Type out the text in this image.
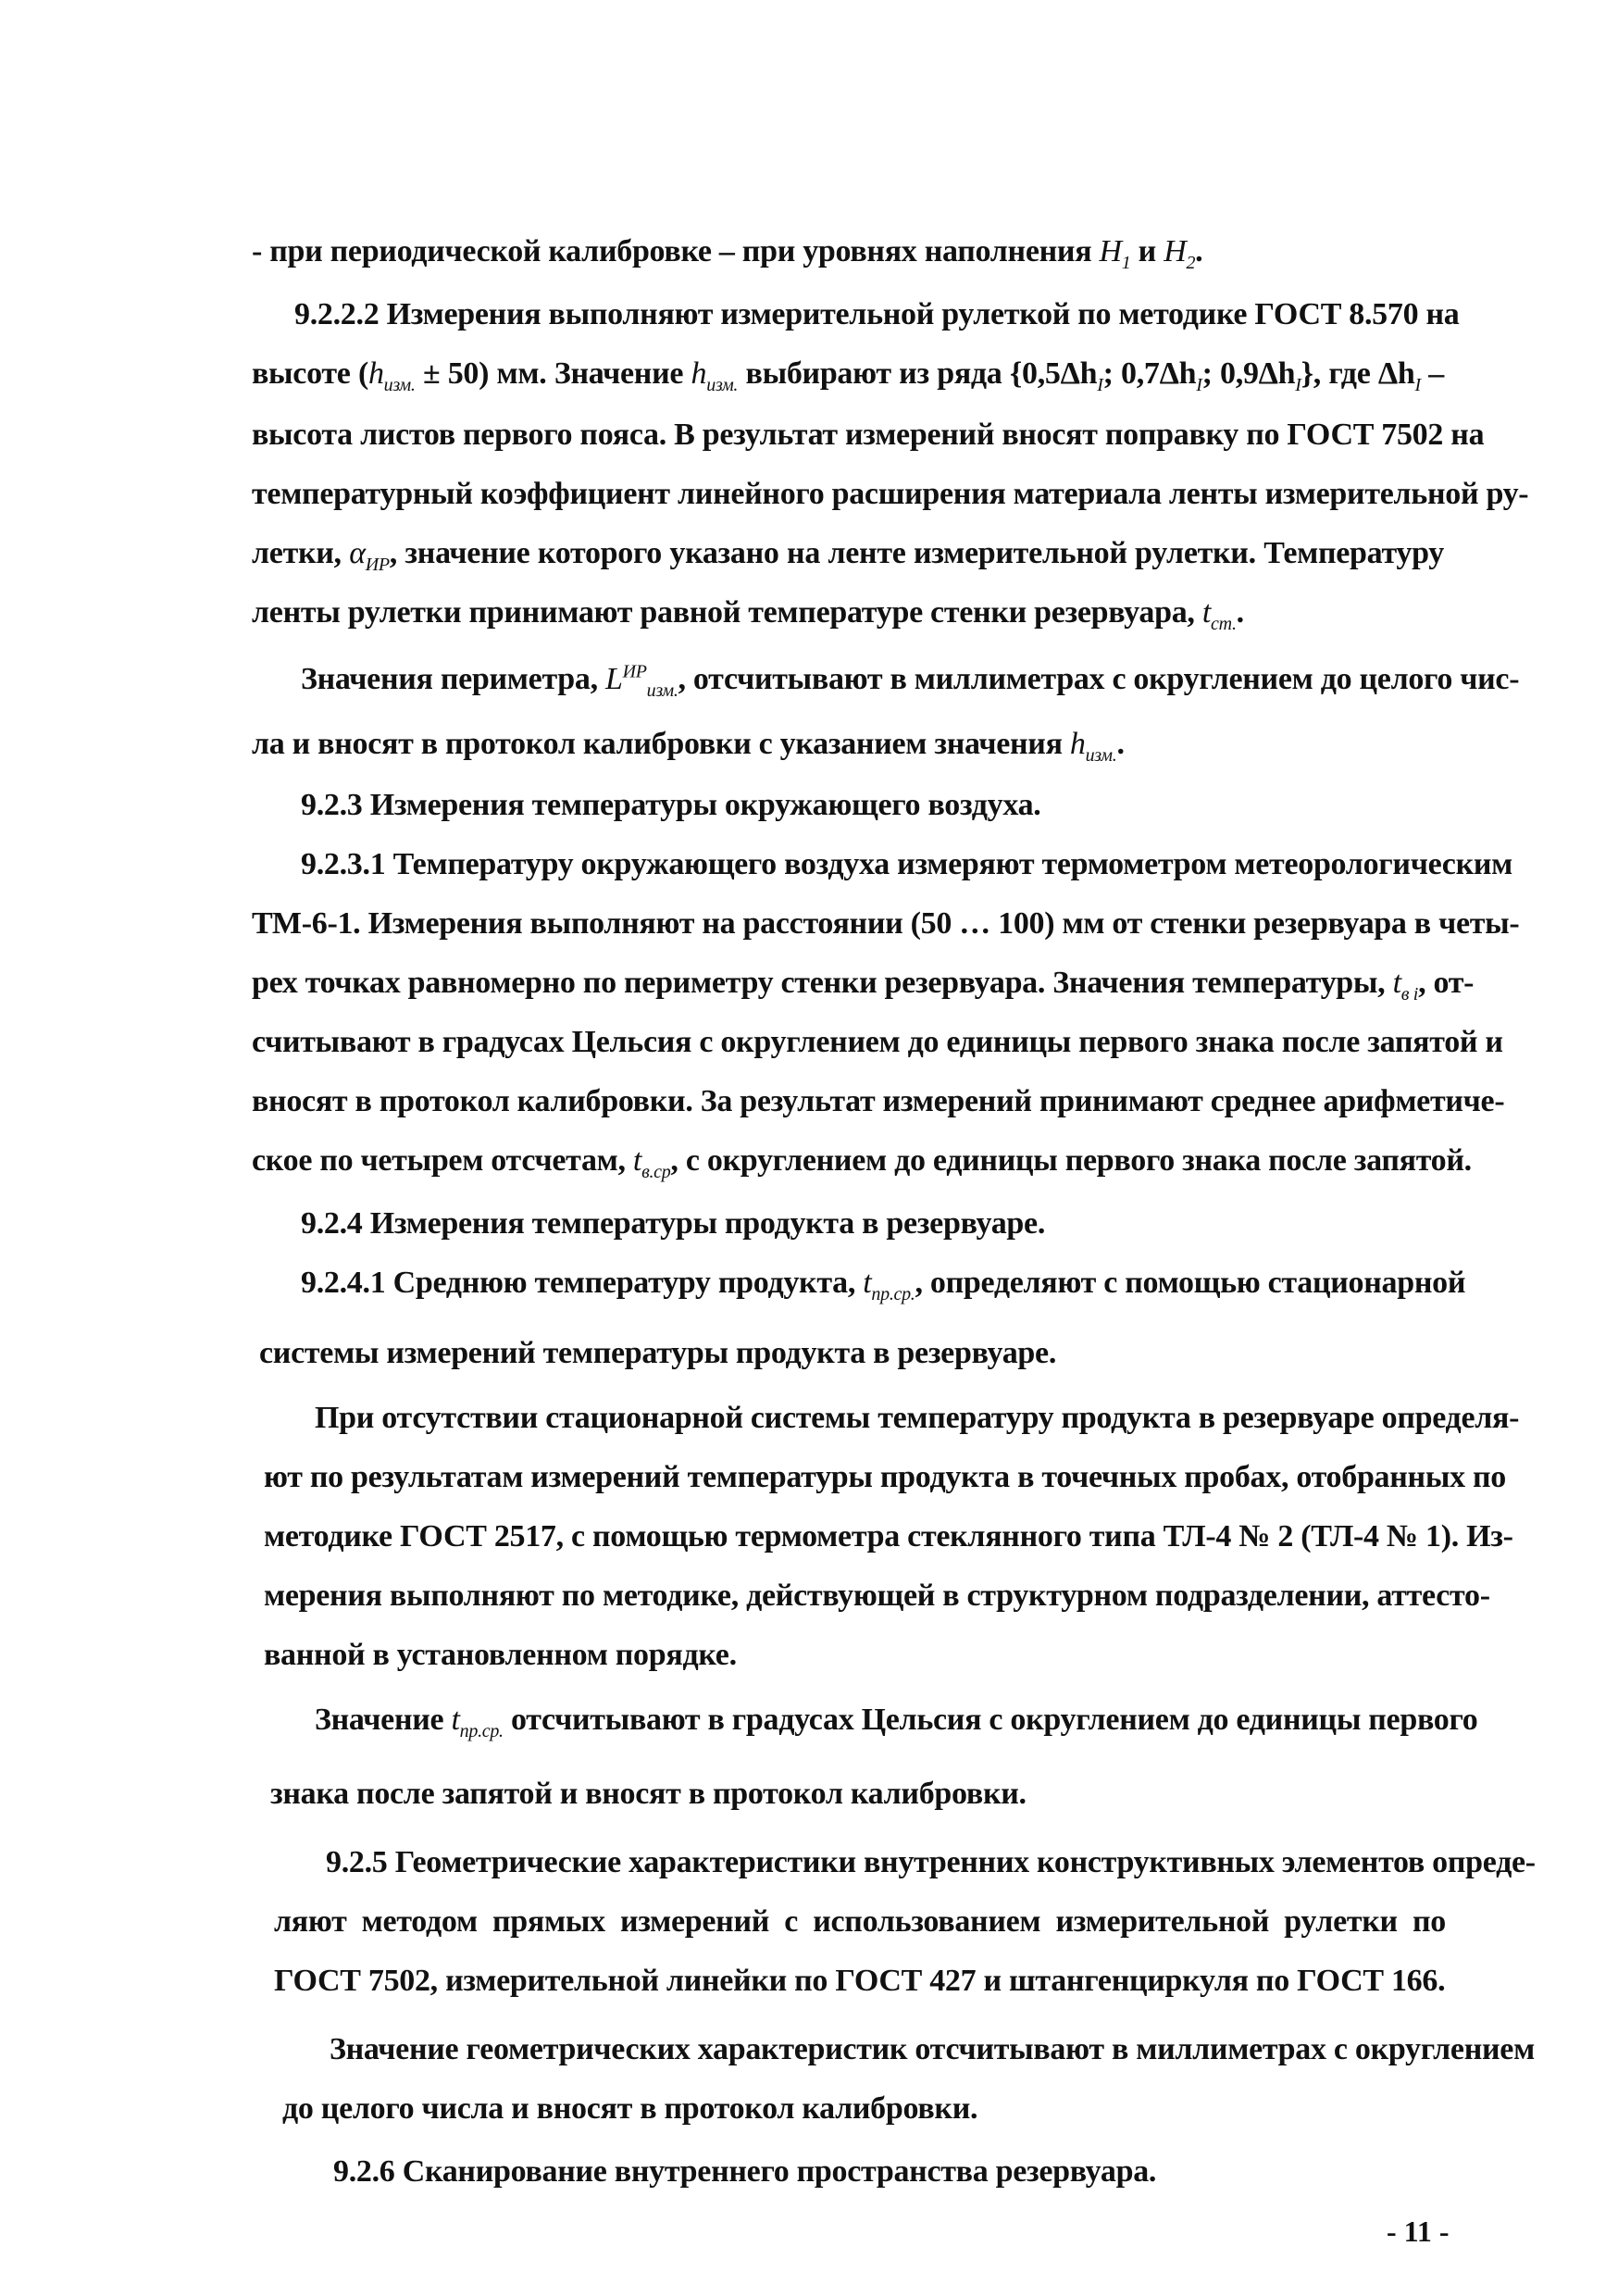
- при периодической калибровке – при уровнях наполнения $H_1$ и $H_2$.
9.2.2.2 Измерения выполняют измерительной рулеткой по методике ГОСТ 8.570 на
высоте $(h_{изм.} \pm 50)$ мм. Значение $h_{изм.}$ выбирают из ряда {$0,5\Delta h_I$; $0,7\Delta h_I$; $0,9\Delta h_I$}, где $\Delta h_I$ –
высота листов первого пояса. В результат измерений вносят поправку по ГОСТ 7502 на
температурный коэффициент линейного расширения материала ленты измерительной ру-
летки, $\alpha_{ИР}$, значение которого указано на ленте измерительной рулетки. Температуру
ленты рулетки принимают равной температуре стенки резервуара, $t_{ст.}$.
Значения периметра, $L^{ИР}_{изм.}$, отсчитывают в миллиметрах с округлением до целого чис-
ла и вносят в протокол калибровки с указанием значения $h_{изм.}$.
9.2.3 Измерения температуры окружающего воздуха.
9.2.3.1 Температуру окружающего воздуха измеряют термометром метеорологическим
ТМ-6-1. Измерения выполняют на расстоянии (50 … 100) мм от стенки резервуара в четы-
рех точках равномерно по периметру стенки резервуара. Значения температуры, $t_{в i}$, от-
считывают в градусах Цельсия с округлением до единицы первого знака после запятой и
вносят в протокол калибровки. За результат измерений принимают среднее арифметиче-
ское по четырем отсчетам, $t_{в.ср}$, с округлением до единицы первого знака после запятой.
9.2.4 Измерения температуры продукта в резервуаре.
9.2.4.1 Среднюю температуру продукта, $t_{пр.ср.}$, определяют с помощью стационарной
системы измерений температуры продукта в резервуаре.
При отсутствии стационарной системы температуру продукта в резервуаре определя-
ют по результатам измерений температуры продукта в точечных пробах, отобранных по
методике ГОСТ 2517, с помощью термометра стеклянного типа ТЛ-4 № 2 (ТЛ-4 № 1). Из-
мерения выполняют по методике, действующей в структурном подразделении, аттесто-
ванной в установленном порядке.
Значение $t_{пр.ср.}$ отсчитывают в градусах Цельсия с округлением до единицы первого
знака после запятой и вносят в протокол калибровки.
9.2.5 Геометрические характеристики внутренних конструктивных элементов опреде-
ляют методом прямых измерений с использованием измерительной рулетки по
ГОСТ 7502, измерительной линейки по ГОСТ 427 и штангенциркуля по ГОСТ 166.
Значение геометрических характеристик отсчитывают в миллиметрах с округлением
до целого числа и вносят в протокол калибровки.
9.2.6 Сканирование внутреннего пространства резервуара.
- 11 -
